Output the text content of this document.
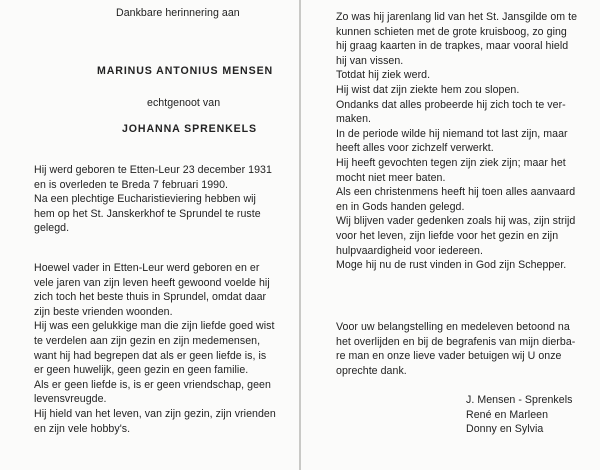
Dankbare herinnering aan
MARINUS ANTONIUS MENSEN
echtgenoot van
JOHANNA SPRENKELS
Hij werd geboren te Etten-Leur 23 december 1931
en is overleden te Breda 7 februari 1990.
Na een plechtige Eucharistieviering hebben wij
hem op het St. Janskerkhof te Sprundel te ruste
gelegd.
Hoewel vader in Etten-Leur werd geboren en er
vele jaren van zijn leven heeft gewoond voelde hij
zich toch het beste thuis in Sprundel, omdat daar
zijn beste vrienden woonden.
Hij was een gelukkige man die zijn liefde goed wist
te verdelen aan zijn gezin en zijn medemensen,
want hij had begrepen dat als er geen liefde is, is
er geen huwelijk, geen gezin en geen familie.
Als er geen liefde is, is er geen vriendschap, geen
levensvreugde.
Hij hield van het leven, van zijn gezin, zijn vrienden
en zijn vele hobby's.
Zo was hij jarenlang lid van het St. Jansgilde om te
kunnen schieten met de grote kruisboog, zo ging
hij graag kaarten in de trapkes, maar vooral hield
hij van vissen.
Totdat hij ziek werd.
Hij wist dat zijn ziekte hem zou slopen.
Ondanks dat alles probeerde hij zich toch te ver-
maken.
In de periode wilde hij niemand tot last zijn, maar
heeft alles voor zichzelf verwerkt.
Hij heeft gevochten tegen zijn ziek zijn; maar het
mocht niet meer baten.
Als een christenmens heeft hij toen alles aanvaard
en in Gods handen gelegd.
Wij blijven vader gedenken zoals hij was, zijn strijd
voor het leven, zijn liefde voor het gezin en zijn
hulpvaardigheid voor iedereen.
Moge hij nu de rust vinden in God zijn Schepper.
Voor uw belangstelling en medeleven betoond na
het overlijden en bij de begrafenis van mijn dierba-
re man en onze lieve vader betuigen wij U onze
oprechte dank.
J. Mensen - Sprenkels
René en Marleen
Donny en Sylvia
